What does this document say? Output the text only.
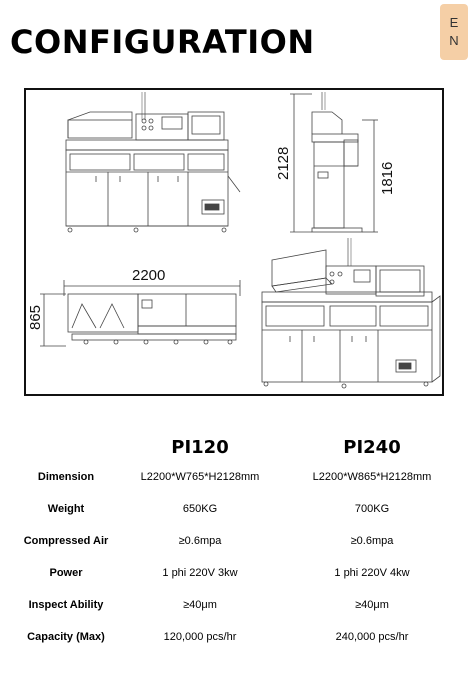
CONFIGURATION
E
N
2128	1816
2200
865
	PI120	PI240
Dimension	L2200*W765*H2128mm	L2200*W865*H2128mm
Weight	650KG	700KG
Compressed Air	≥0.6mpa	≥0.6mpa
Power	1 phi 220V 3kw	1 phi 220V 4kw
Inspect Ability	≥40μm	≥40μm
Capacity (Max)	120,000 pcs/hr	240,000 pcs/hr
